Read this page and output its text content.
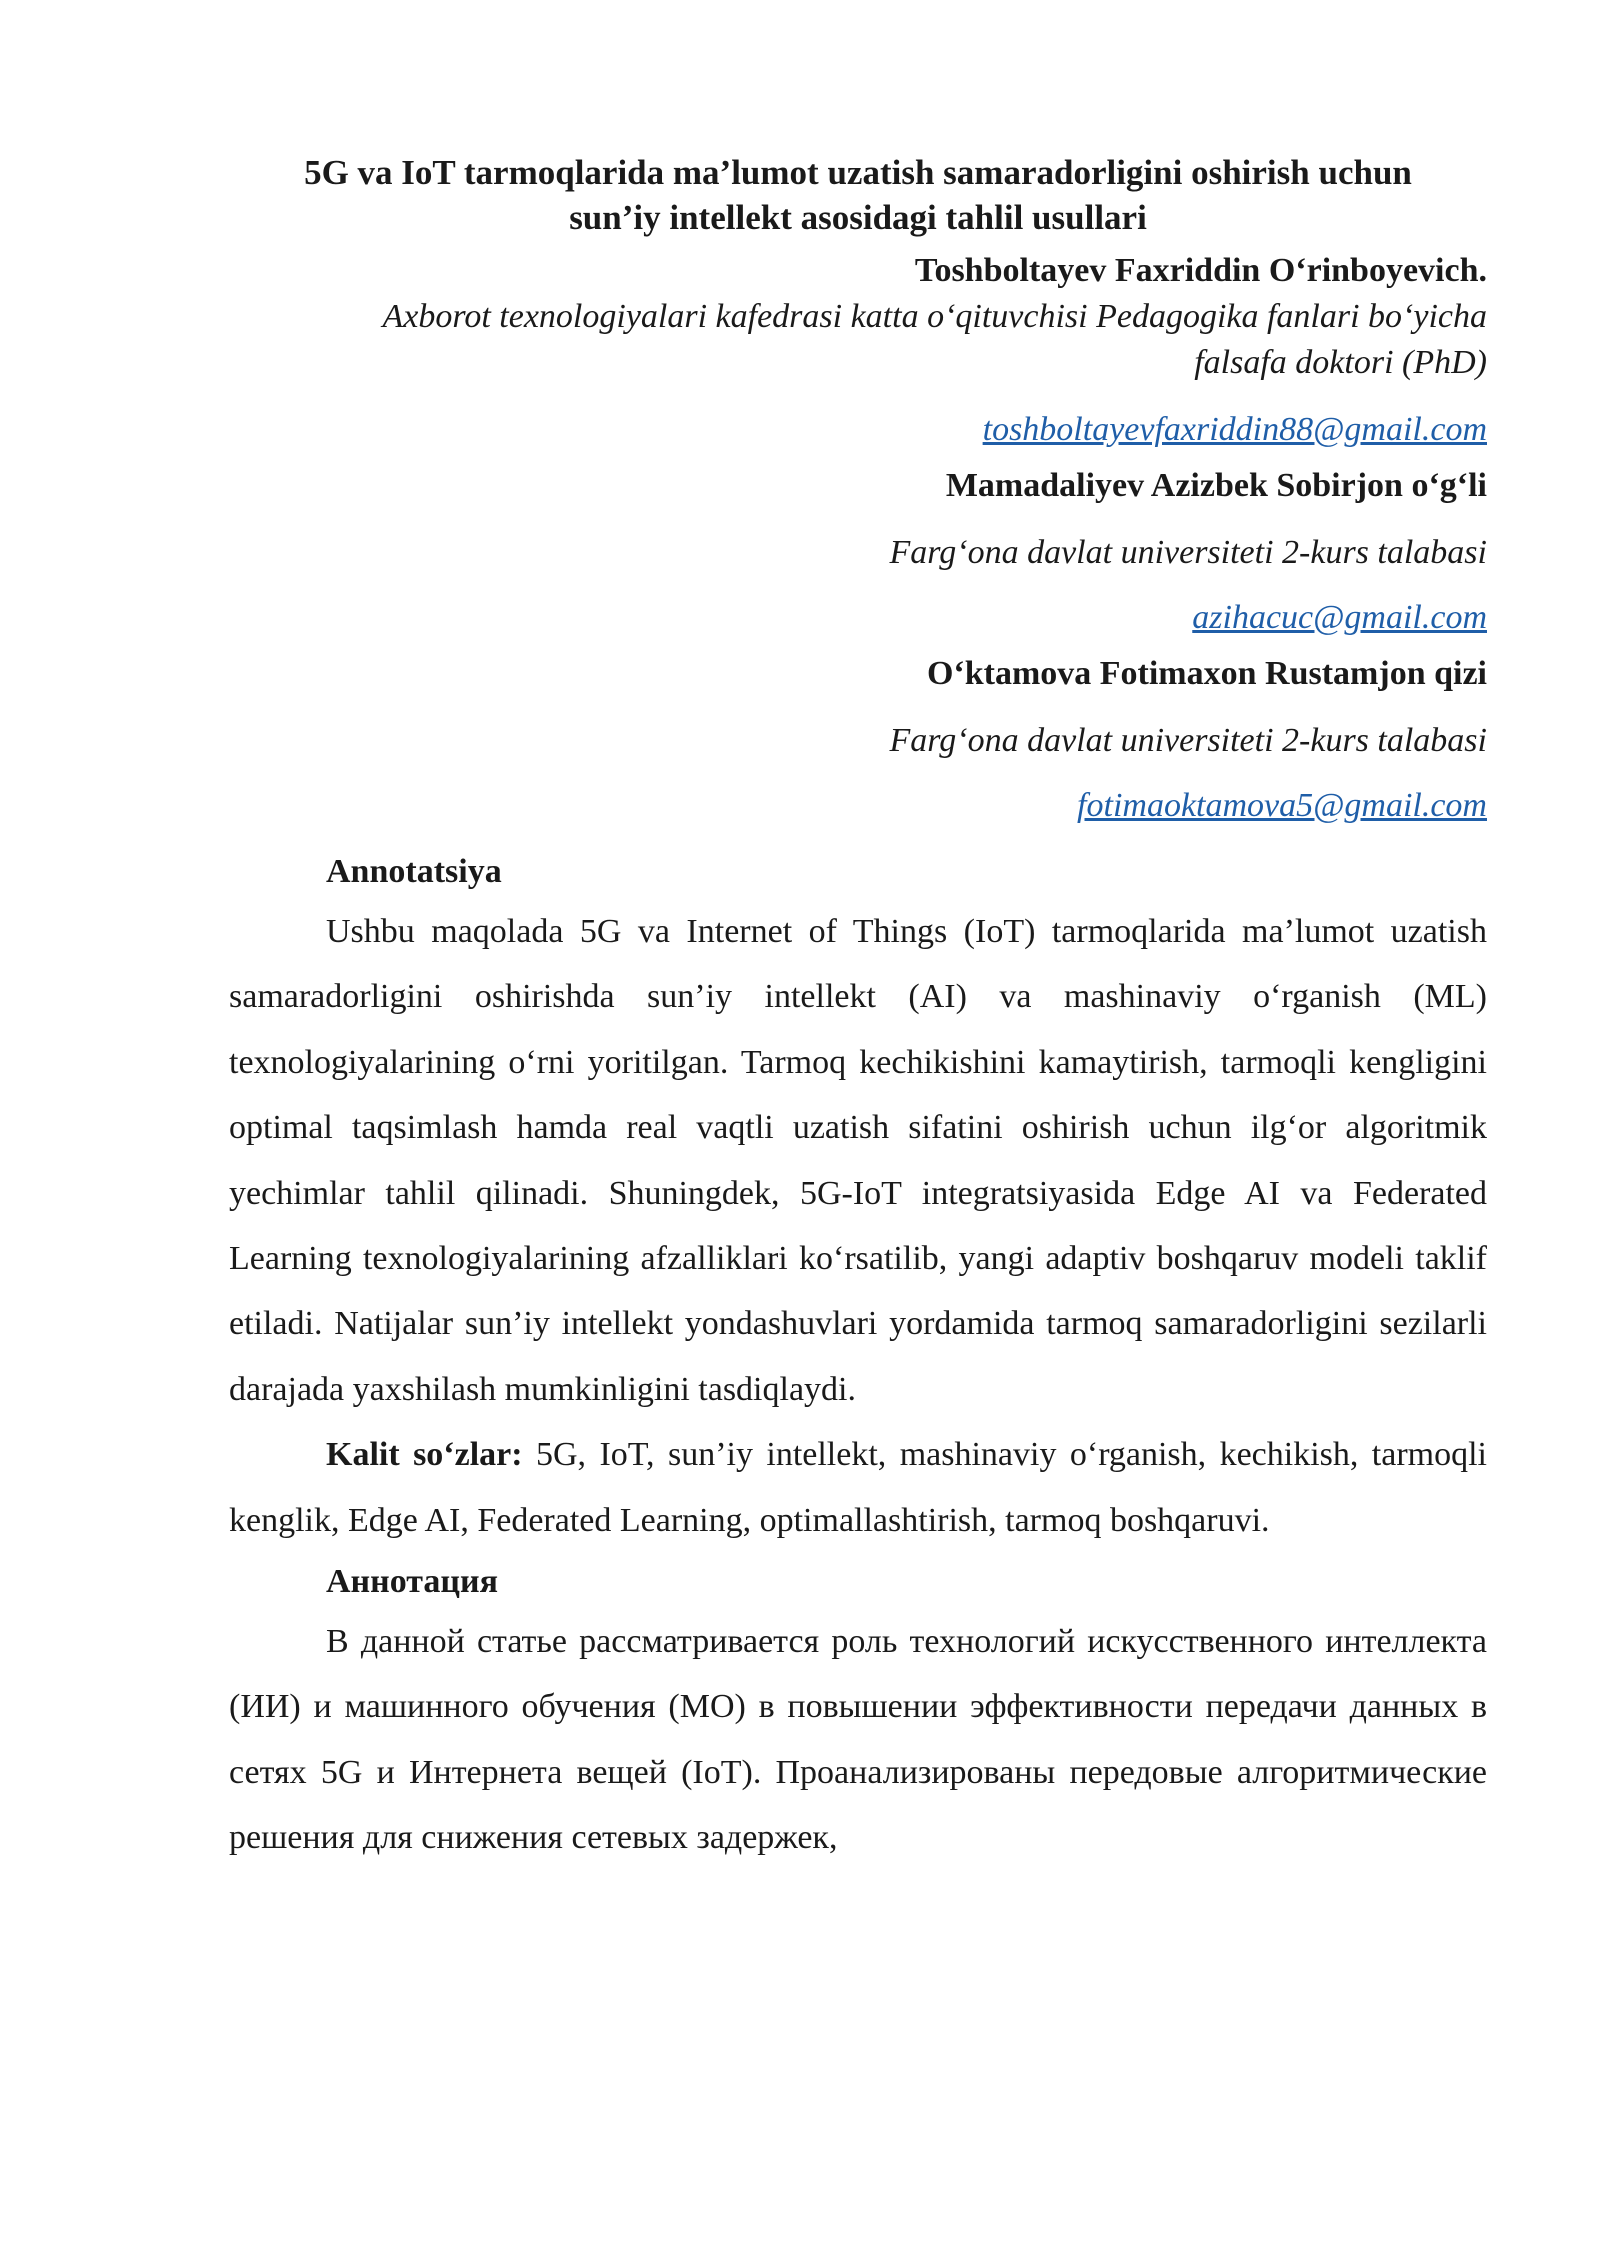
5G va IoT tarmoqlarida ma’lumot uzatish samaradorligini oshirish uchun
sun’iy intellekt asosidagi tahlil usullari
Toshboltayev Faxriddin O‘rinboyevich.
Axborot texnologiyalari kafedrasi katta o‘qituvchisi Pedagogika fanlari bo‘yicha falsafa doktori (PhD)
toshboltayevfaxriddin88@gmail.com
Mamadaliyev Azizbek Sobirjon o‘g‘li
Farg‘ona davlat universiteti 2-kurs talabasi
azihacuc@gmail.com
O‘ktamova Fotimaxon Rustamjon qizi
Farg‘ona davlat universiteti 2-kurs talabasi
fotimaoktamova5@gmail.com
Annotatsiya

Ushbu maqolada 5G va Internet of Things (IoT) tarmoqlarida ma’lumot uzatish samaradorligini oshirishda sun’iy intellekt (AI) va mashinaviy o‘rganish (ML) texnologiyalarining o‘rni yoritilgan. Tarmoq kechikishini kamaytirish, tarmoqli kengligini optimal taqsimlash hamda real vaqtli uzatish sifatini oshirish uchun ilg‘or algoritmik yechimlar tahlil qilinadi. Shuningdek, 5G-IoT integratsiyasida Edge AI va Federated Learning texnologiyalarining afzalliklari ko‘rsatilib, yangi adaptiv boshqaruv modeli taklif etiladi. Natijalar sun’iy intellekt yondashuvlari yordamida tarmoq samaradorligini sezilarli darajada yaxshilash mumkinligini tasdiqlaydi.

Kalit so‘zlar: 5G, IoT, sun’iy intellekt, mashinaviy o‘rganish, kechikish, tarmoqli kenglik, Edge AI, Federated Learning, optimallashtirish, tarmoq boshqaruvi.

Аннотация

В данной статье рассматривается роль технологий искусственного интеллекта (ИИ) и машинного обучения (МО) в повышении эффективности передачи данных в сетях 5G и Интернета вещей (IoT). Проанализированы передовые алгоритмические решения для снижения сетевых задержек,
